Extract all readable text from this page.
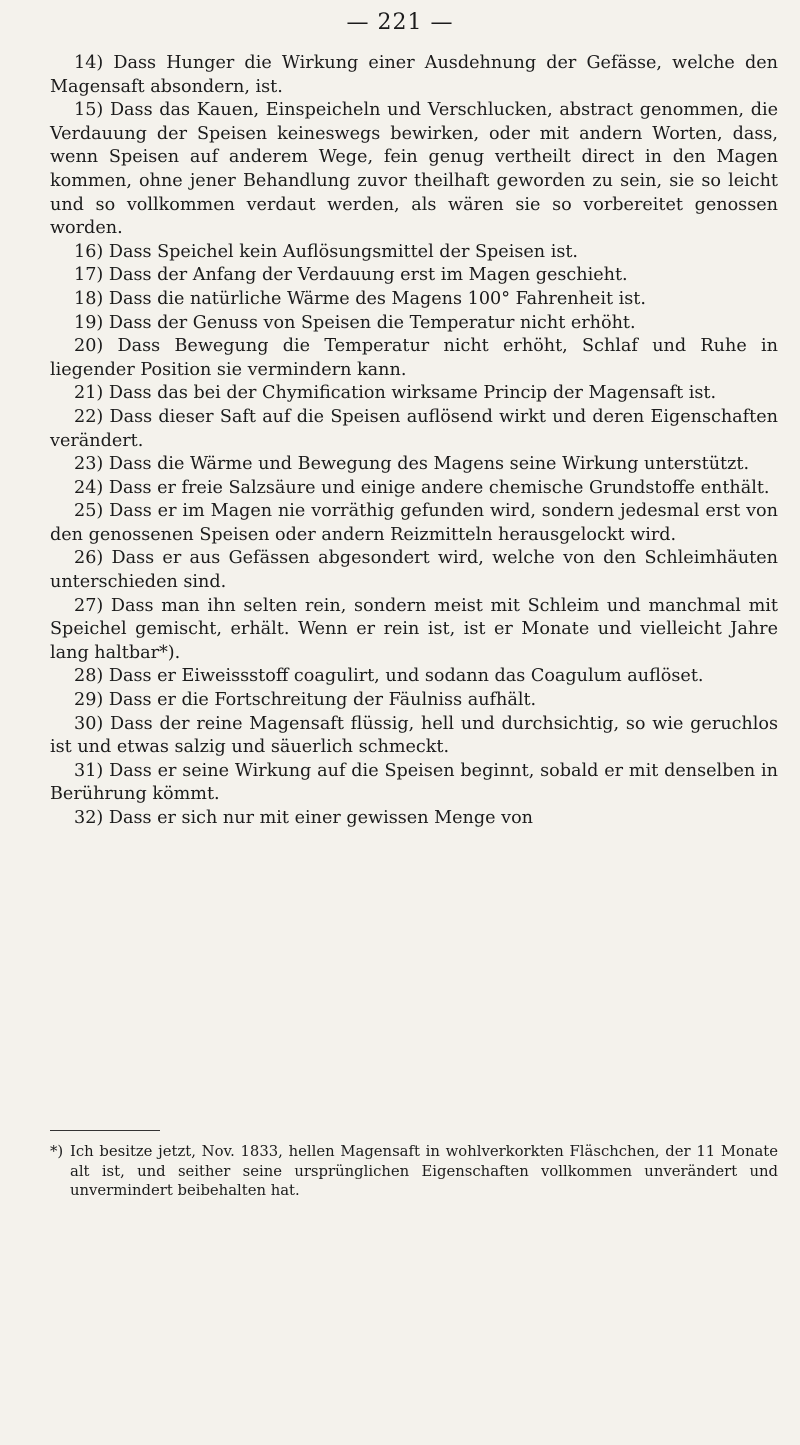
— 221 —

14) Dass Hunger die Wirkung einer Ausdehnung der Gefässe, welche den Magensaft absondern, ist.

15) Dass das Kauen, Einspeicheln und Verschlucken, abstract genommen, die Verdauung der Speisen keineswegs bewirken, oder mit andern Worten, dass, wenn Speisen auf anderem Wege, fein genug vertheilt direct in den Magen kommen, ohne jener Behandlung zuvor theilhaft geworden zu sein, sie so leicht und so vollkommen verdaut werden, als wären sie so vorbereitet genossen worden.

16) Dass Speichel kein Auflösungsmittel der Speisen ist.

17) Dass der Anfang der Verdauung erst im Magen geschieht.

18) Dass die natürliche Wärme des Magens 100° Fahrenheit ist.

19) Dass der Genuss von Speisen die Temperatur nicht erhöht.

20) Dass Bewegung die Temperatur nicht erhöht, Schlaf und Ruhe in liegender Position sie vermindern kann.

21) Dass das bei der Chymification wirksame Princip der Magensaft ist.

22) Dass dieser Saft auf die Speisen auflösend wirkt und deren Eigenschaften verändert.

23) Dass die Wärme und Bewegung des Magens seine Wirkung unterstützt.

24) Dass er freie Salzsäure und einige andere chemische Grundstoffe enthält.

25) Dass er im Magen nie vorräthig gefunden wird, sondern jedesmal erst von den genossenen Speisen oder andern Reizmitteln herausgelockt wird.

26) Dass er aus Gefässen abgesondert wird, welche von den Schleimhäuten unterschieden sind.

27) Dass man ihn selten rein, sondern meist mit Schleim und manchmal mit Speichel gemischt, erhält. Wenn er rein ist, ist er Monate und vielleicht Jahre lang haltbar*).

28) Dass er Eiweissstoff coagulirt, und sodann das Coagulum auflöset.

29) Dass er die Fortschreitung der Fäulniss aufhält.

30) Dass der reine Magensaft flüssig, hell und durchsichtig, so wie geruchlos ist und etwas salzig und säuerlich schmeckt.

31) Dass er seine Wirkung auf die Speisen beginnt, sobald er mit denselben in Berührung kömmt.

32) Dass er sich nur mit einer gewissen Menge von

*) Ich besitze jetzt, Nov. 1833, hellen Magensaft in wohlverkorkten Fläschchen, der 11 Monate alt ist, und seither seine ursprünglichen Eigenschaften vollkommen unverändert und unvermindert beibehalten hat.
